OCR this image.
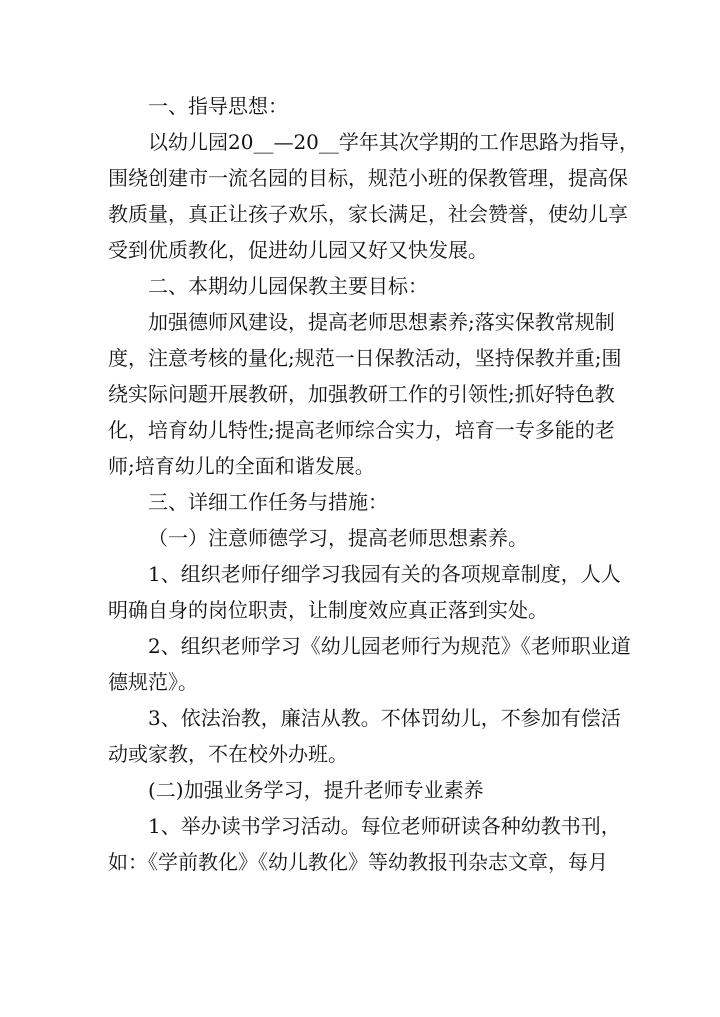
一、指导思想：

以幼儿园20__—20__学年其次学期的工作思路为指导，
围绕创建市一流名园的目标，规范小班的保教管理，提高保
教质量，真正让孩子欢乐，家长满足，社会赞誉，使幼儿享
受到优质教化，促进幼儿园又好又快发展。

二、本期幼儿园保教主要目标：

加强德师风建设，提高老师思想素养;落实保教常规制
度，注意考核的量化;规范一日保教活动，坚持保教并重;围
绕实际问题开展教研，加强教研工作的引领性;抓好特色教
化，培育幼儿特性;提高老师综合实力，培育一专多能的老
师;培育幼儿的全面和谐发展。

三、详细工作任务与措施：

（一）注意师德学习，提高老师思想素养。

1、组织老师仔细学习我园有关的各项规章制度，人人
明确自身的岗位职责，让制度效应真正落到实处。

2、组织老师学习《幼儿园老师行为规范》《老师职业道
德规范》。

3、依法治教，廉洁从教。不体罚幼儿，不参加有偿活
动或家教，不在校外办班。

(二)加强业务学习，提升老师专业素养

1、举办读书学习活动。每位老师研读各种幼教书刊，
如：《学前教化》《幼儿教化》等幼教报刊杂志文章，每月
